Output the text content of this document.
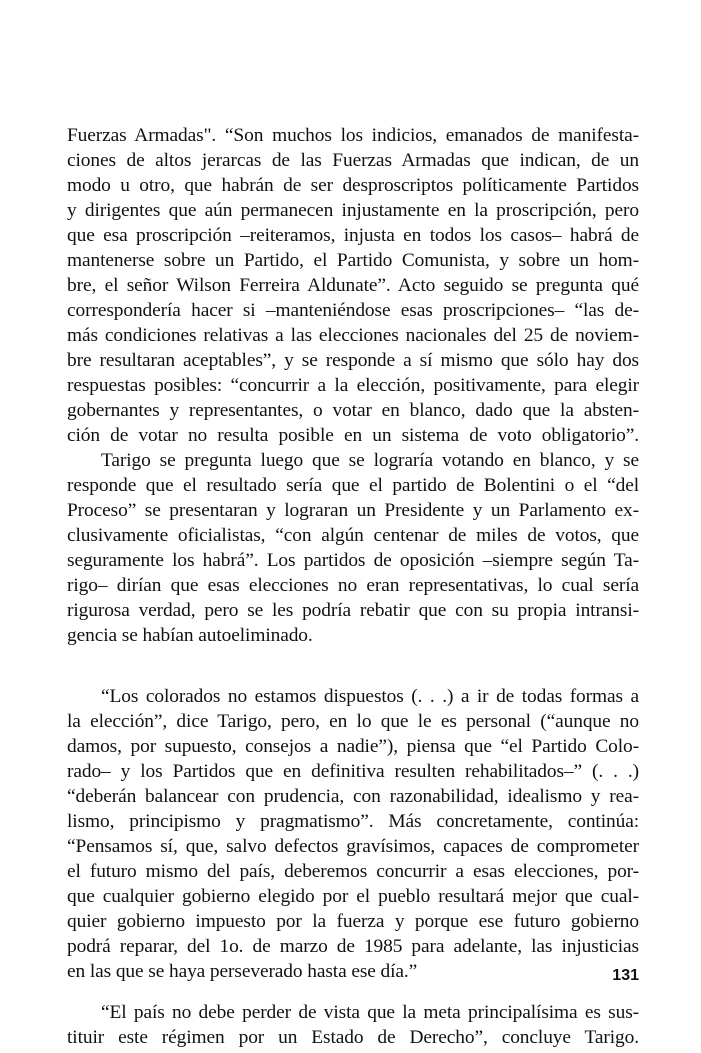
Fuerzas Armadas". “Son muchos los indicios, emanados de manifesta-
ciones de altos jerarcas de las Fuerzas Armadas que indican, de un
modo u otro, que habrán de ser desproscriptos políticamente Partidos
y dirigentes que aún permanecen injustamente en la proscripción, pero
que esa proscripción –reiteramos, injusta en todos los casos– habrá de
mantenerse sobre un Partido, el Partido Comunista, y sobre un hom-
bre, el señor Wilson Ferreira Aldunate”. Acto seguido se pregunta qué
correspondería hacer si –manteniéndose esas proscripciones– “las de-
más condiciones relativas a las elecciones nacionales del 25 de noviem-
bre resultaran aceptables”, y se responde a sí mismo que sólo hay dos
respuestas posibles: “concurrir a la elección, positivamente, para elegir
gobernantes y representantes, o votar en blanco, dado que la absten-
ción de votar no resulta posible en un sistema de voto obligatorio”.
Tarigo se pregunta luego que se lograría votando en blanco, y se
responde que el resultado sería que el partido de Bolentini o el “del
Proceso” se presentaran y lograran un Presidente y un Parlamento ex-
clusivamente oficialistas, “con algún centenar de miles de votos, que
seguramente los habrá”. Los partidos de oposición –siempre según Ta-
rigo– dirían que esas elecciones no eran representativas, lo cual sería
rigurosa verdad, pero se les podría rebatir que con su propia intransi-
gencia se habían autoeliminado.
“Los colorados no estamos dispuestos (. . .) a ir de todas formas a
la elección”, dice Tarigo, pero, en lo que le es personal (“aunque no
damos, por supuesto, consejos a nadie”), piensa que “el Partido Colo-
rado– y los Partidos que en definitiva resulten rehabilitados–” (. . .)
“deberán balancear con prudencia, con razonabilidad, idealismo y rea-
lismo, principismo y pragmatismo”. Más concretamente, continúa:
“Pensamos sí, que, salvo defectos gravísimos, capaces de comprometer
el futuro mismo del país, deberemos concurrir a esas elecciones, por-
que cualquier gobierno elegido por el pueblo resultará mejor que cual-
quier gobierno impuesto por la fuerza y porque ese futuro gobierno
podrá reparar, del 1o. de marzo de 1985 para adelante, las injusticias
en las que se haya perseverado hasta ese día.”
“El país no debe perder de vista que la meta principalísima es sus-
tituir este régimen por un Estado de Derecho”, concluye Tarigo.
131
